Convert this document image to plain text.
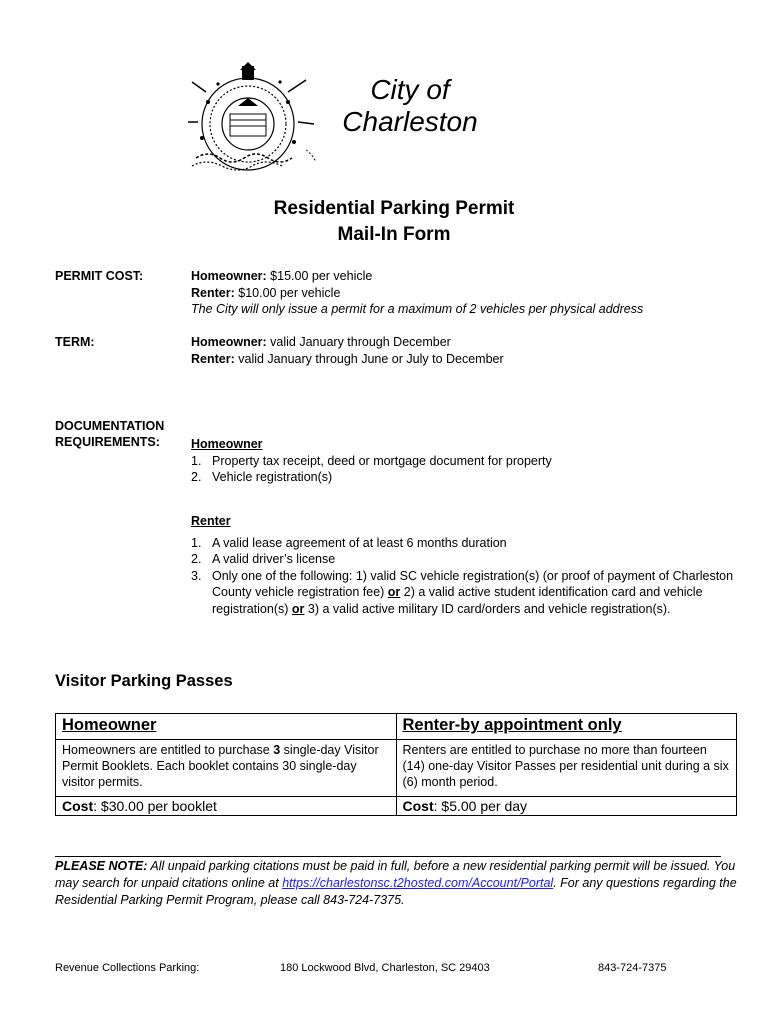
City of
Charleston
Residential Parking Permit
Mail-In Form
PERMIT COST:	Homeowner: $15.00 per vehicle
Renter: $10.00 per vehicle
The City will only issue a permit for a maximum of 2 vehicles per physical address
TERM:	Homeowner: valid January through December
Renter: valid January through June or July to December
DOCUMENTATION
REQUIREMENTS:	Homeowner
1. Property tax receipt, deed or mortgage document for property
2. Vehicle registration(s)
Renter
1. A valid lease agreement of at least 6 months duration
2. A valid driver’s license
3. Only one of the following: 1) valid SC vehicle registration(s) (or proof of payment of Charleston County vehicle registration fee) or 2) a valid active student identification card and vehicle registration(s) or 3) a valid active military ID card/orders and vehicle registration(s).
Visitor Parking Passes
Homeowner	Renter-by appointment only
Homeowners are entitled to purchase 3 single-day Visitor Permit Booklets. Each booklet contains 30 single-day visitor permits.	Renters are entitled to purchase no more than fourteen (14) one-day Visitor Passes per residential unit during a six (6) month period.
Cost: $30.00 per booklet	Cost: $5.00 per day
PLEASE NOTE: All unpaid parking citations must be paid in full, before a new residential parking permit will be issued. You may search for unpaid citations online at https://charlestonsc.t2hosted.com/Account/Portal. For any questions regarding the Residential Parking Permit Program, please call 843-724-7375.
Revenue Collections Parking:	180 Lockwood Blvd, Charleston, SC 29403	843-724-7375
